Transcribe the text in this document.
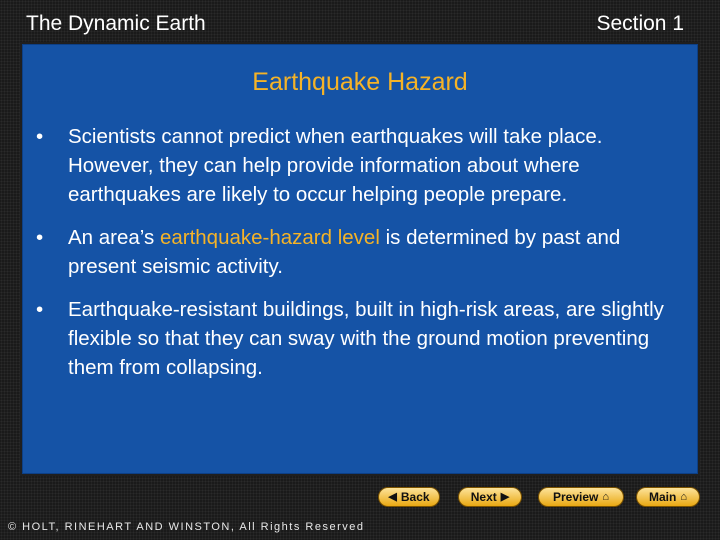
The Dynamic Earth	Section 1
Earthquake Hazard
• Scientists cannot predict when earthquakes will take place. However, they can help provide information about where earthquakes are likely to occur helping people prepare.
• An area’s earthquake-hazard level is determined by past and present seismic activity.
• Earthquake-resistant buildings, built in high-risk areas, are slightly flexible so that they can sway with the ground motion preventing them from collapsing.
◀ Back	Next ▶	Preview ⌂	Main ⌂
© HOLT, RINEHART AND WINSTON, All Rights Reserved
